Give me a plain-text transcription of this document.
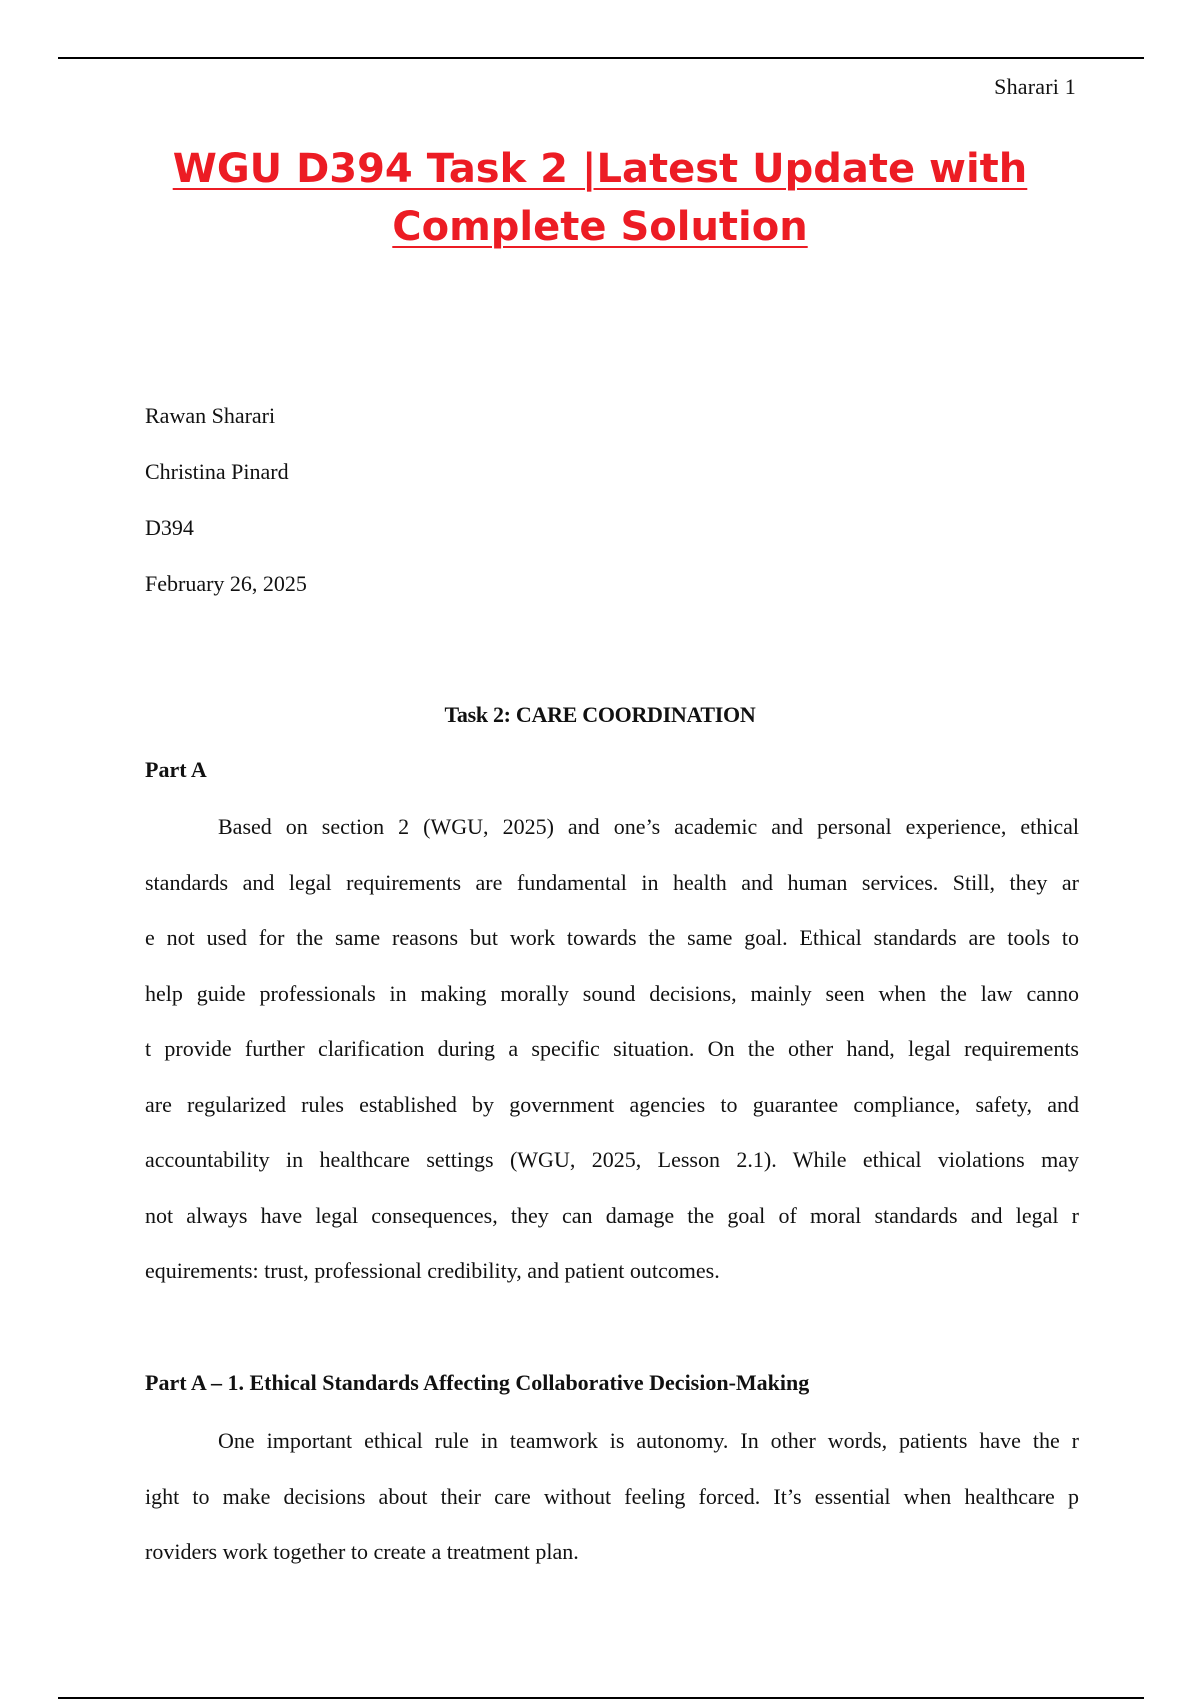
Sharari 1
WGU D394 Task 2 |Latest Update with
Complete Solution
Rawan Sharari
Christina Pinard
D394
February 26, 2025
Task 2: CARE COORDINATION
Part A
Based on section 2 (WGU, 2025) and one’s academic and personal experience, ethical
standards and legal requirements are fundamental in health and human services. Still, they ar
e not used for the same reasons but work towards the same goal. Ethical standards are tools to
help guide professionals in making morally sound decisions, mainly seen when the law canno
t provide further clarification during a specific situation. On the other hand, legal requirements
are regularized rules established by government agencies to guarantee compliance, safety, and
accountability in healthcare settings (WGU, 2025, Lesson 2.1). While ethical violations may
not always have legal consequences, they can damage the goal of moral standards and legal r
equirements: trust, professional credibility, and patient outcomes.
Part A – 1. Ethical Standards Affecting Collaborative Decision-Making
One important ethical rule in teamwork is autonomy. In other words, patients have the r
ight to make decisions about their care without feeling forced. It’s essential when healthcare p
roviders work together to create a treatment plan.
